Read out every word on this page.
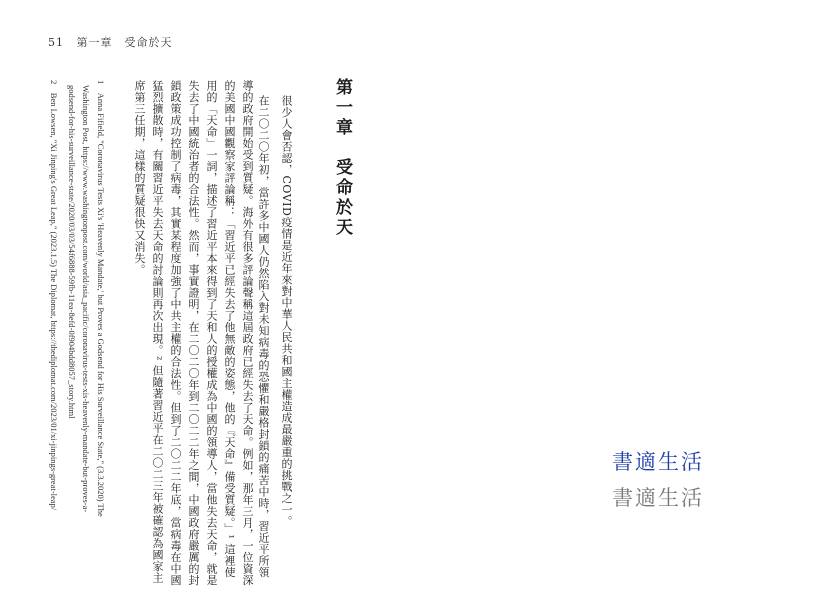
51 第一章　受命於天
第一章受命於天
很少人會否認，COVID疫情是近年來對中華人民共和國主權造成最嚴重的挑戰之一。
在二〇二〇年初，當許多中國人仍然陷入對未知病毒的恐懼和嚴格封鎖的痛苦中時，習近平所領
導的政府開始受到質疑。海外有很多評論聲稱這屆政府已經失去了天命。例如，那年三月，一位資深
的美國中國觀察家評論稱：「習近平已經失去了他無敵的姿態，他的『天命』備受質疑。」¹ 這裡使
用的「天命」一詞，描述了習近平本來得到了天和人的授權成為中國的領導人，當他失去天命，就是
失去了中國統治者的合法性。然而，事實證明，在二〇二〇年到二〇二二年之間，中國政府嚴厲的封
鎖政策成功控制了病毒，其實某程度加強了中共主權的合法性。但到了二〇二二年底，當病毒在中國
猛烈擴散時，有關習近平失去天命的討論則再次出現。² 但隨著習近平在二〇二三年被確認為國家主
席第三任期，這樣的質疑很快又消失。
1　Anna Fifield, "Coronavirus Tests Xi's 'Heavenly Mandate,' but Proves a Godsend for His Surveillance State," (3.3.2020) The
Washington Post, https://www.washingtonpost.com/world/asia_pacific/coronavirus-tests-xis-heavenly-mandate-but-proves-a-
godsend-for-his-surveillance-state/2020/03/03/54f6888-59fb-11ea-8efd-0f904bdd8057_story.html
2　Ben Lowsen, "Xi Jinping's Great Leap," (2023.1.5) The Diplomat, https://thediplomat.com/2023/01/xi-jinpings-great-leap/	書適生活
書適生活
